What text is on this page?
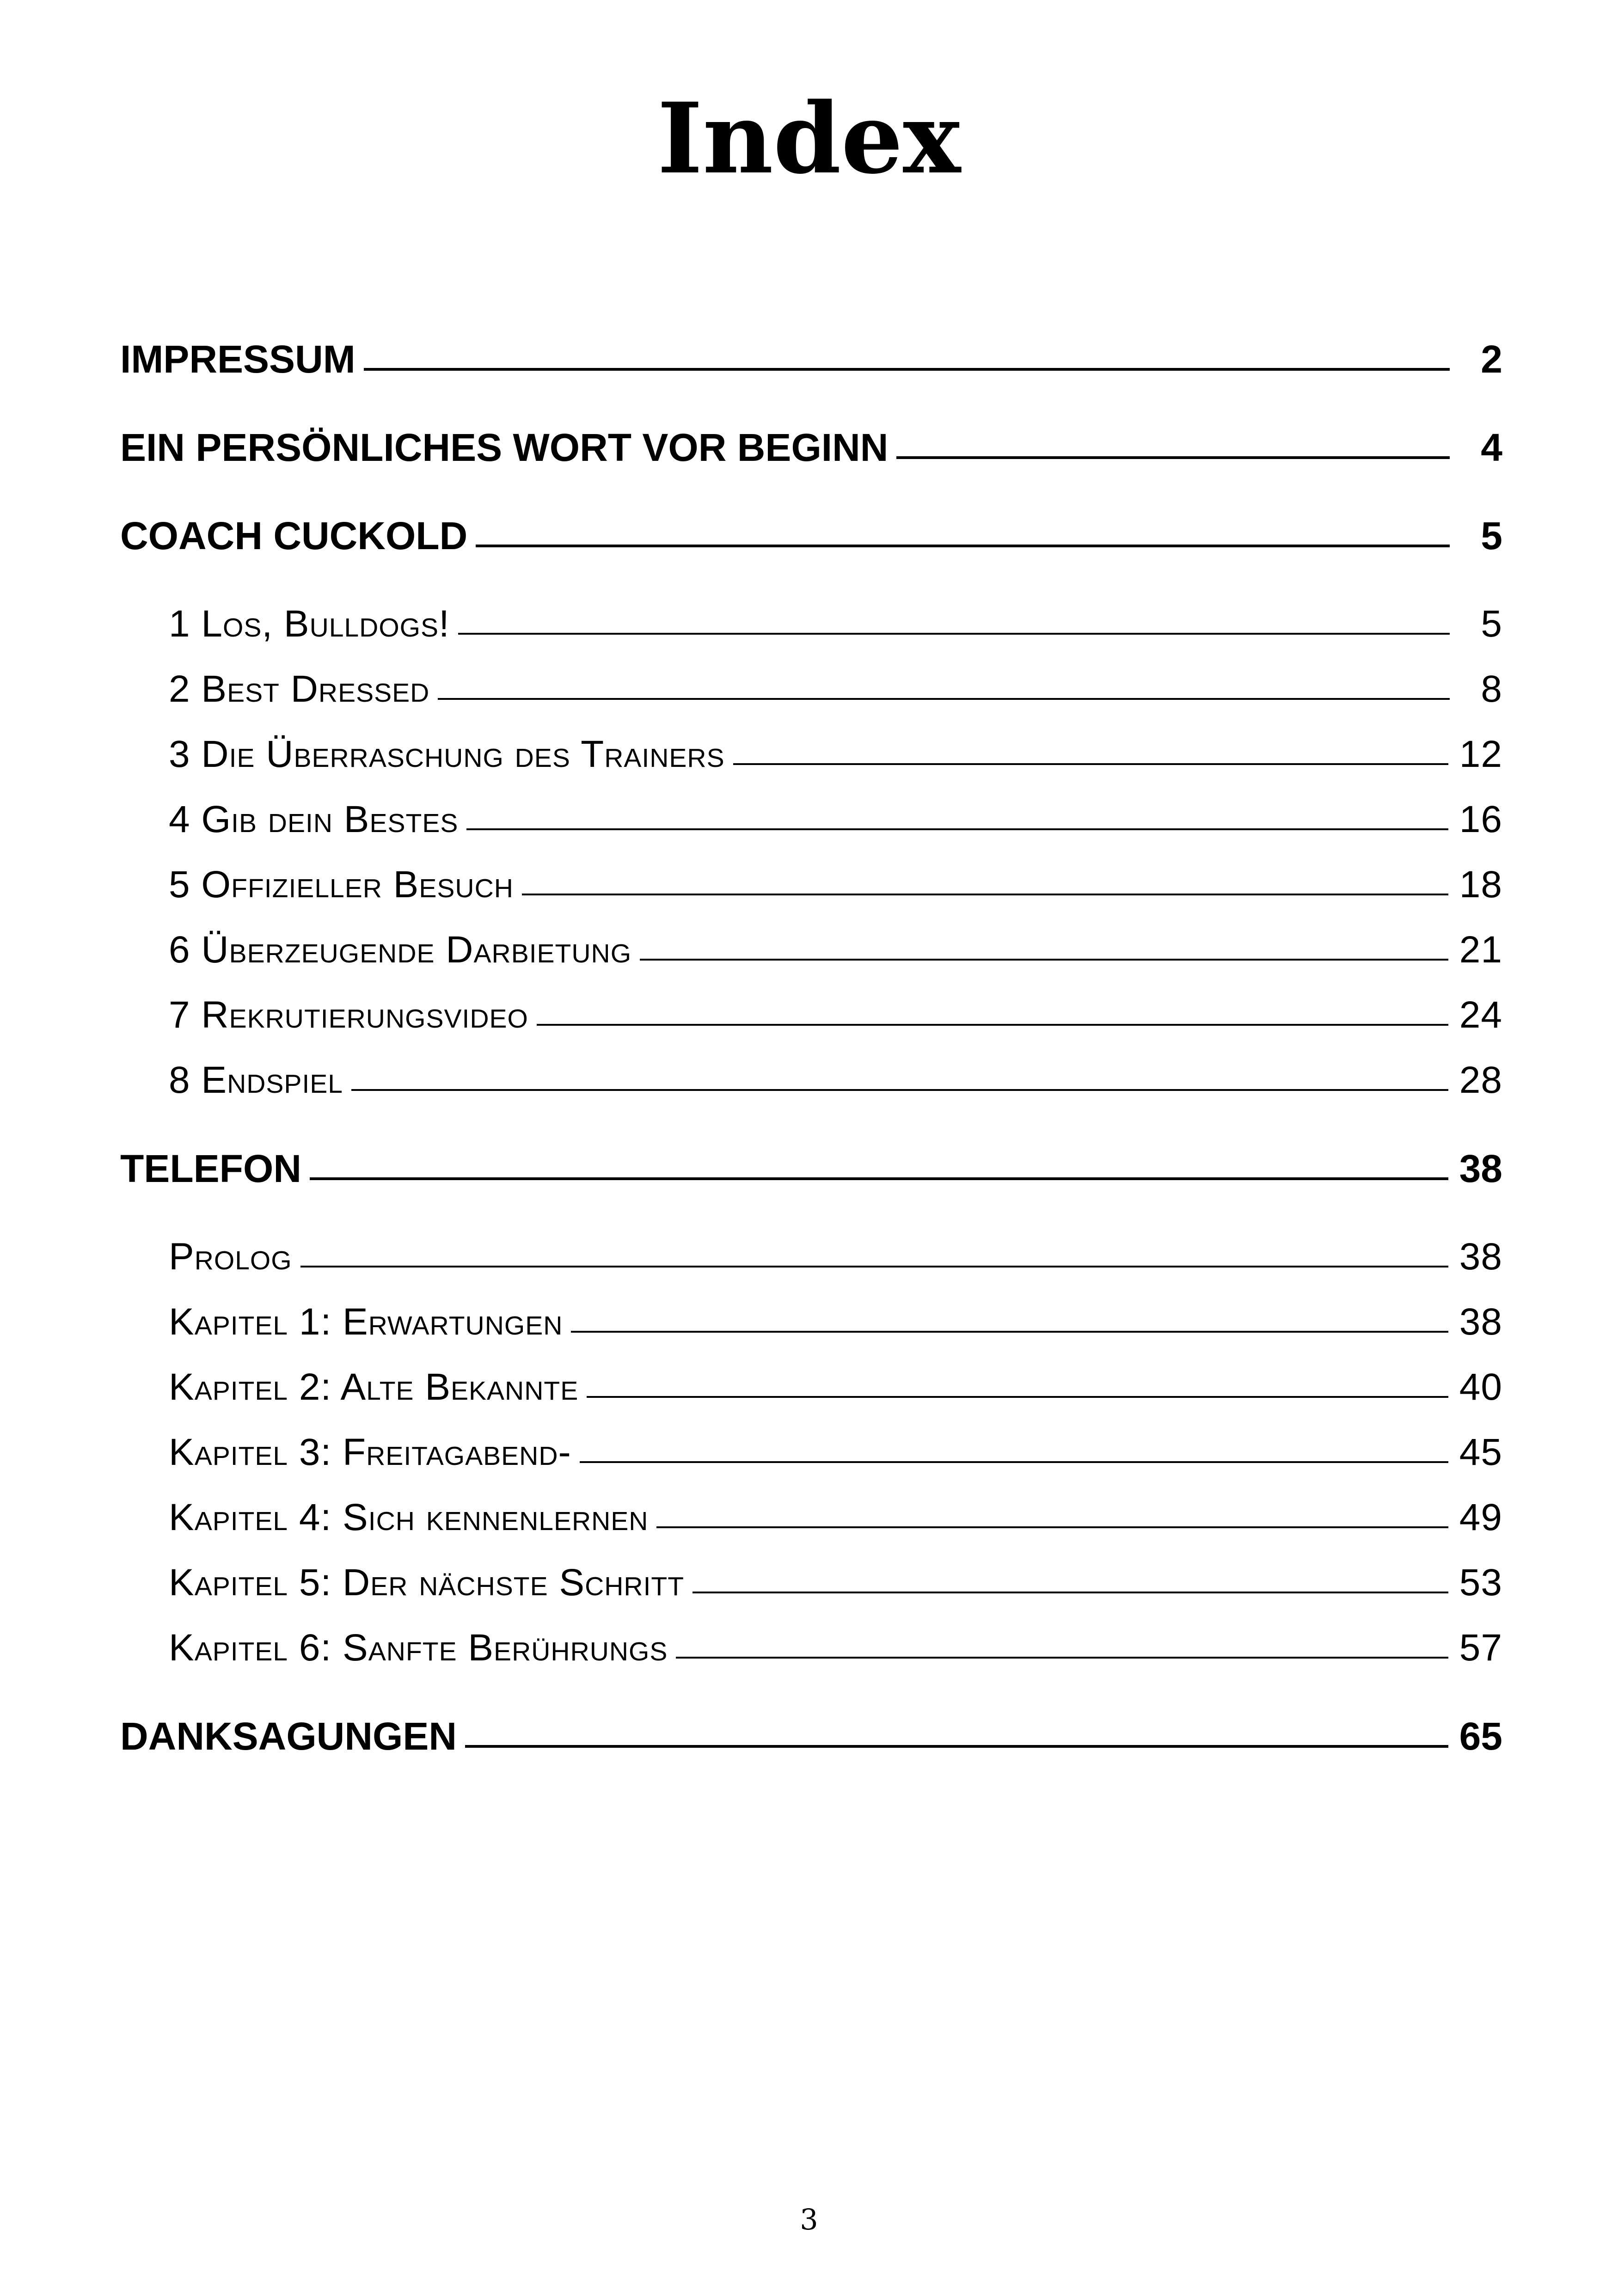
Index
IMPRESSUM	2
EIN PERSÖNLICHES WORT VOR BEGINN	4
COACH CUCKOLD	5
1 Los, Bulldogs!	5
2 Best Dressed	8
3 Die Überraschung des Trainers	12
4 Gib dein Bestes	16
5 Offizieller Besuch	18
6 Überzeugende Darbietung	21
7 Rekrutierungsvideo	24
8 Endspiel	28
TELEFON	38
Prolog	38
Kapitel 1: Erwartungen	38
Kapitel 2: Alte Bekannte	40
Kapitel 3: Freitagabend-	45
Kapitel 4: Sich kennenlernen	49
Kapitel 5: Der nächste Schritt	53
Kapitel 6: Sanfte Berührungs	57
DANKSAGUNGEN	65
3
